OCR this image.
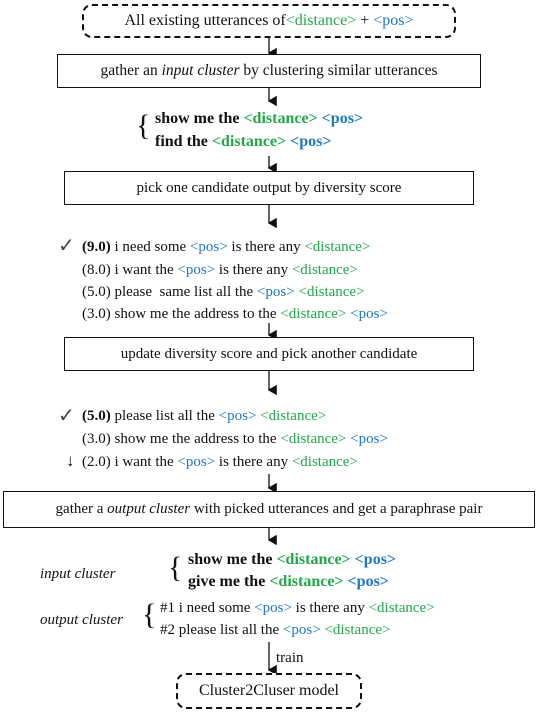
All existing utterances of <distance> + <pos>
gather an input cluster by clustering similar utterances
{ show me the <distance> <pos>
find the <distance> <pos>
pick one candidate output by diversity score
✓ (9.0) i need some <pos> is there any <distance>
(8.0) i want the <pos> is there any <distance>
(5.0) please  same list all the <pos> <distance>
(3.0) show me the address to the <distance> <pos>
update diversity score and pick another candidate
✓ (5.0) please list all the <pos> <distance>
(3.0) show me the address to the <distance> <pos>
↓ (2.0) i want the <pos> is there any <distance>
gather a output cluster with picked utterances and get a paraphrase pair
input cluster { show me the <distance> <pos>
give me the <distance> <pos>
output cluster { #1 i need some <pos> is there any <distance>
#2 please list all the <pos> <distance>
train
Cluster2Cluser model
